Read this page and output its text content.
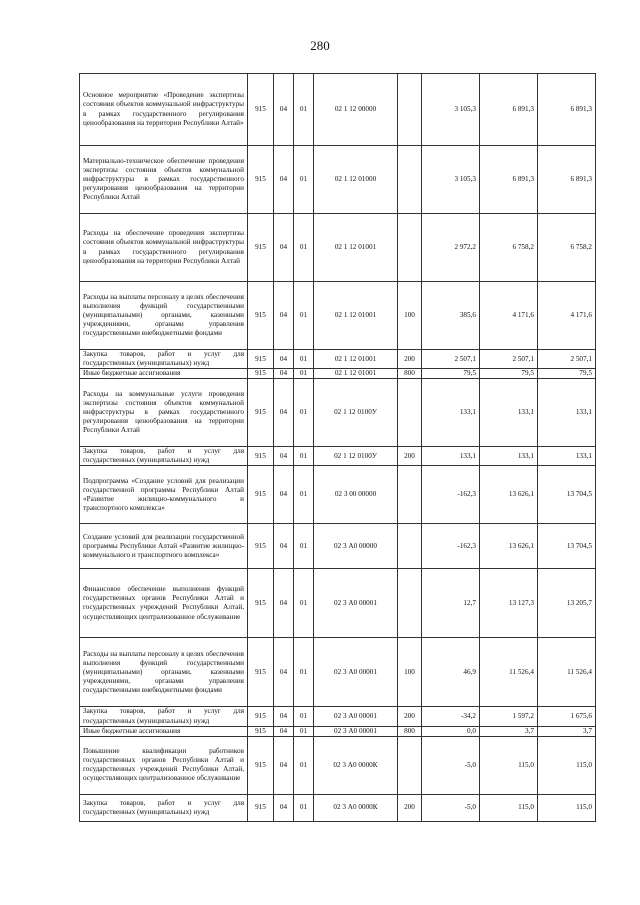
280
Основное мероприятие «Проведение экспертизы состояния объектов коммунальной инфраструктуры в рамках государственного регулирования ценообразования на территории Республики Алтай»	915	04	01	02 1 12 00000		3 105,3	6 891,3	6 891,3
Материально-техническое обеспечение проведения экспертизы состояния объектов коммунальной инфраструктуры в рамках государственного регулирования ценообразования на территории Республики Алтай	915	04	01	02 1 12 01000		3 105,3	6 891,3	6 891,3
Расходы на обеспечение проведения экспертизы состояния объектов коммунальной инфраструктуры в рамках государственного регулирования ценообразования на территории Республики Алтай	915	04	01	02 1 12 01001		2 972,2	6 758,2	6 758,2
Расходы на выплаты персоналу в целях обеспечения выполнения функций государственными (муниципальными) органами, казенными учреждениями, органами управления государственными внебюджетными фондами	915	04	01	02 1 12 01001	100	385,6	4 171,6	4 171,6
Закупка товаров, работ и услуг для государственных (муниципальных) нужд	915	04	01	02 1 12 01001	200	2 507,1	2 507,1	2 507,1
Иные бюджетные ассигнования	915	04	01	02 1 12 01001	800	79,5	79,5	79,5
Расходы на коммунальные услуги проведения экспертизы состояния объектов коммунальной инфраструктуры в рамках государственного регулирования ценообразования на территории Республики Алтай	915	04	01	02 1 12 0100У		133,1	133,1	133,1
Закупка товаров, работ и услуг для государственных (муниципальных) нужд	915	04	01	02 1 12 0100У	200	133,1	133,1	133,1
Подпрограмма «Создание условий для реализации государственной программы Республики Алтай «Развитие жилищно-коммунального и транспортного комплекса»	915	04	01	02 3 00 00000		-162,3	13 626,1	13 704,5
Создание условий для реализации государственной программы Республики Алтай «Развитие жилищно-коммунального и транспортного комплекса»	915	04	01	02 3 А0 00000		-162,3	13 626,1	13 704,5
Финансовое обеспечение выполнения функций государственных органов Республики Алтай и государственных учреждений Республики Алтай, осуществляющих централизованное обслуживание	915	04	01	02 3 А0 00001		12,7	13 127,3	13 205,7
Расходы на выплаты персоналу в целях обеспечения выполнения функций государственными (муниципальными) органами, казенными учреждениями, органами управления государственными внебюджетными фондами	915	04	01	02 3 А0 00001	100	46,9	11 526,4	11 526,4
Закупка товаров, работ и услуг для государственных (муниципальных) нужд	915	04	01	02 3 А0 00001	200	-34,2	1 597,2	1 675,6
Иные бюджетные ассигнования	915	04	01	02 3 А0 00001	800	0,0	3,7	3,7
Повышение квалификации работников государственных органов Республики Алтай и государственных учреждений Республики Алтай, осуществляющих централизованное обслуживание	915	04	01	02 3 А0 0000К		-5,0	115,0	115,0
Закупка товаров, работ и услуг для государственных (муниципальных) нужд	915	04	01	02 3 А0 0000К	200	-5,0	115,0	115,0
